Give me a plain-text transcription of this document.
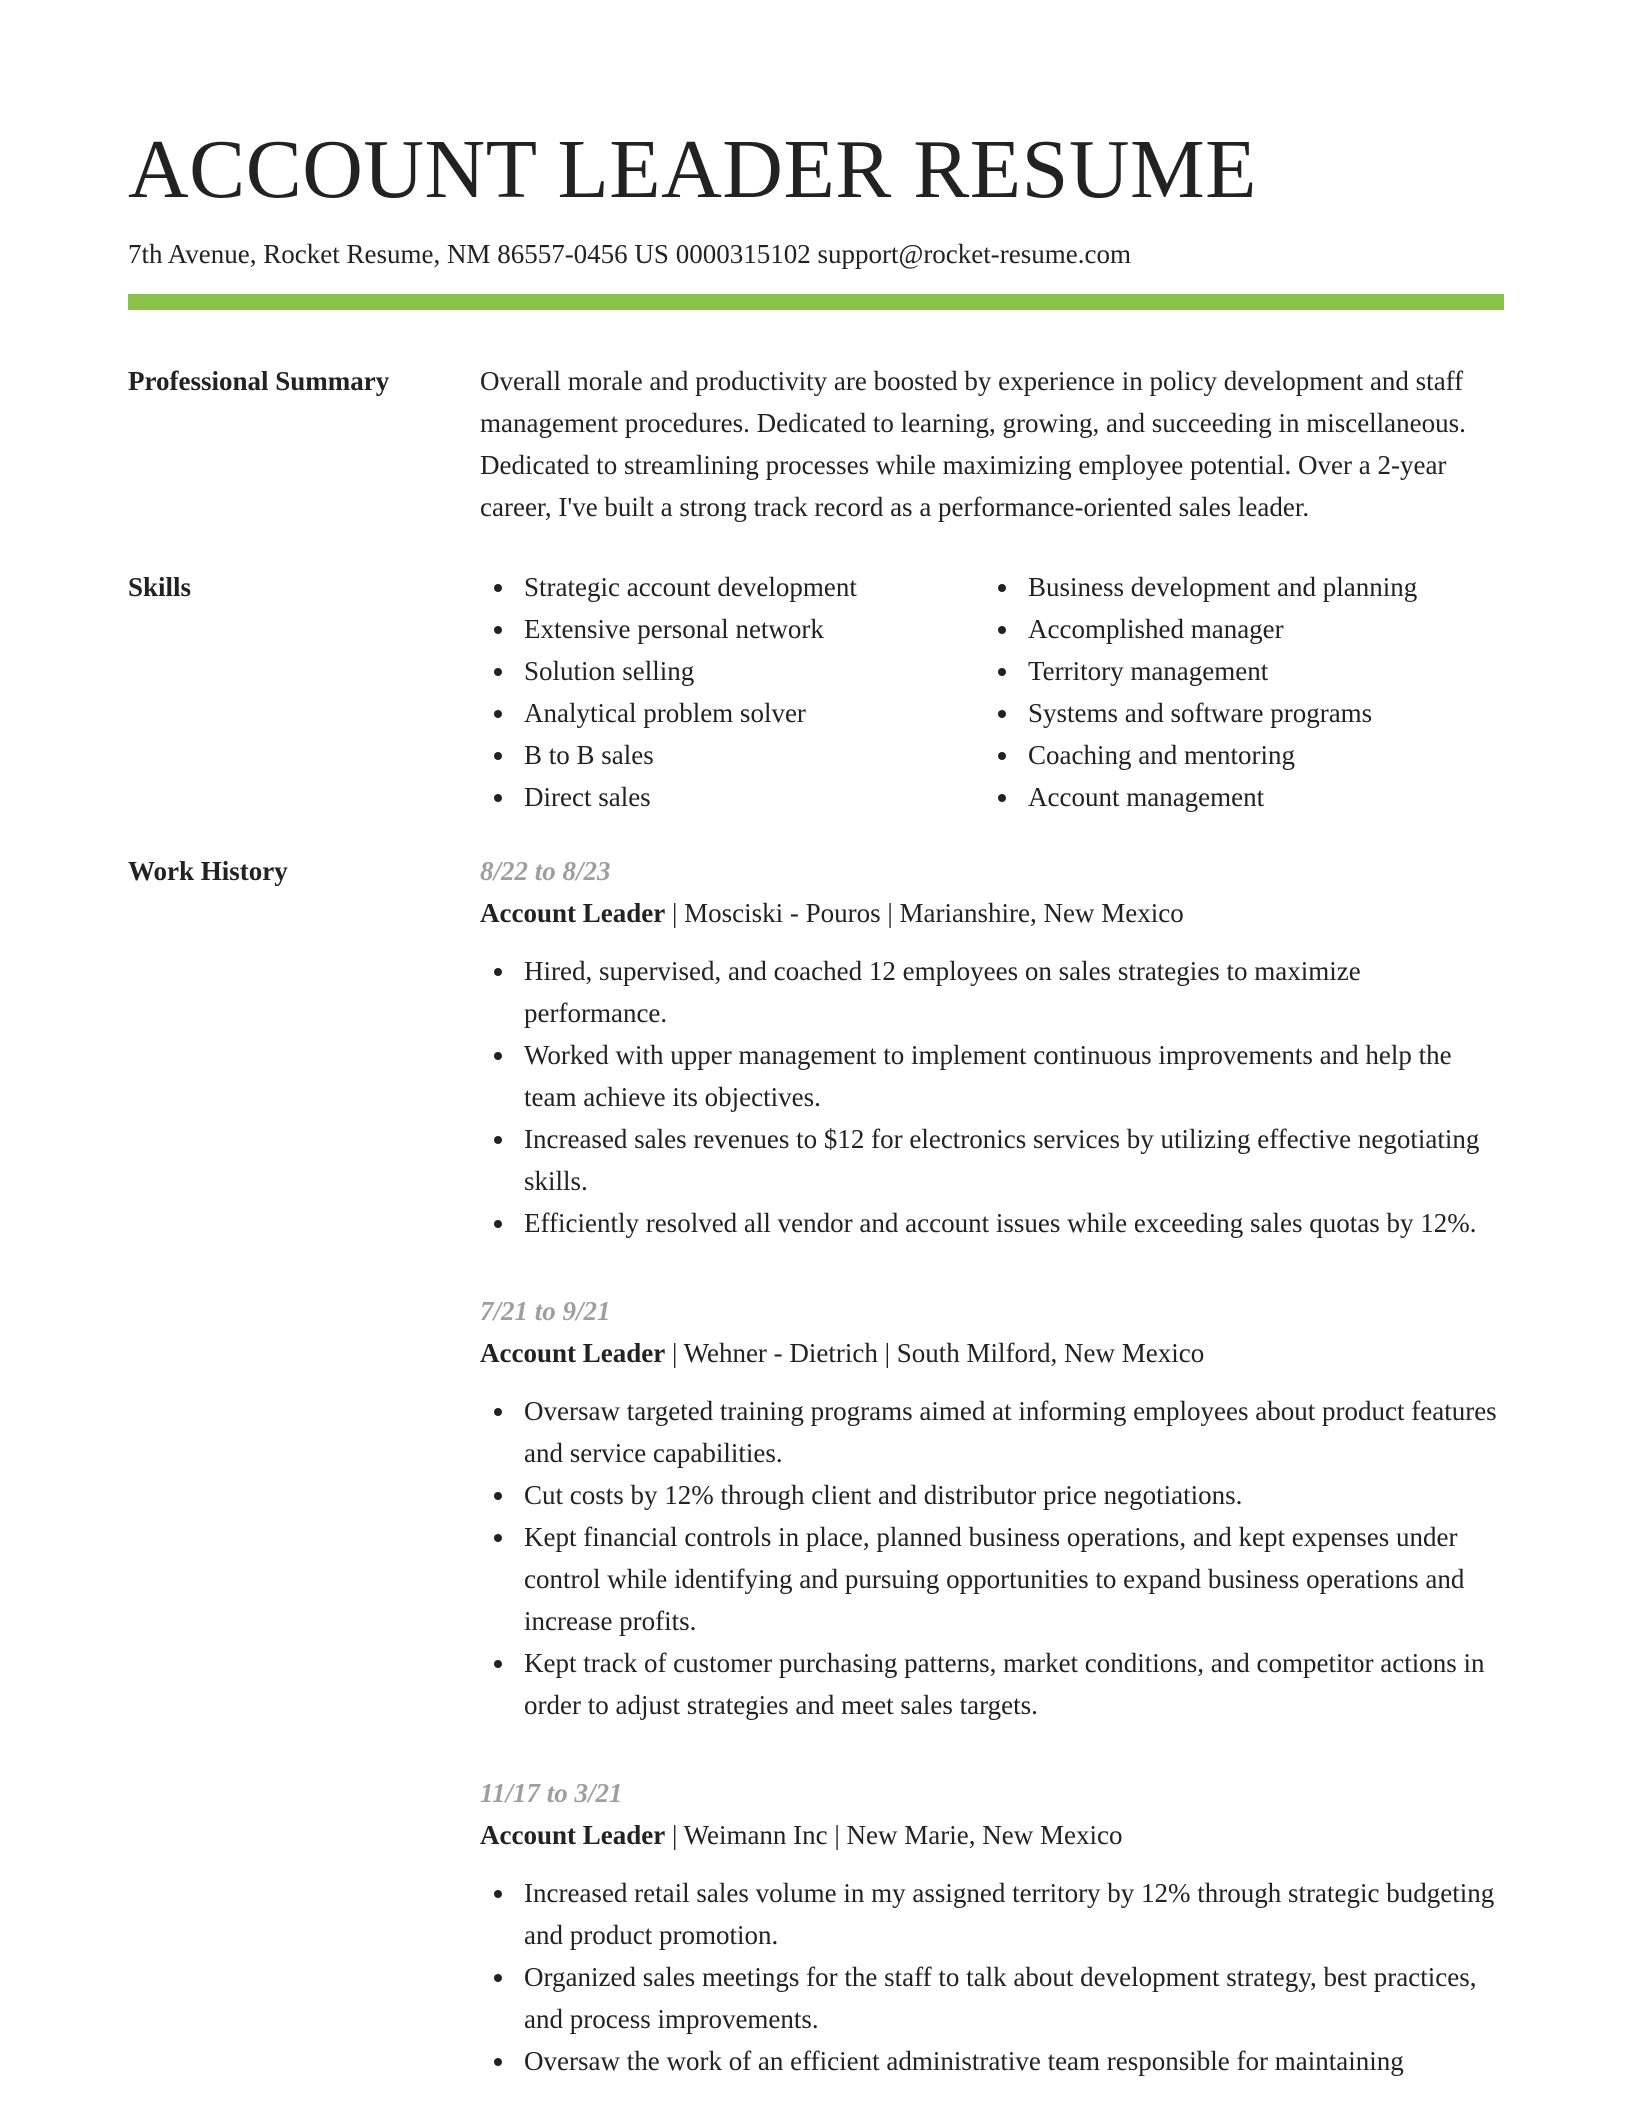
ACCOUNT LEADER RESUME
7th Avenue, Rocket Resume, NM 86557-0456 US 0000315102 support@rocket-resume.com
Professional Summary	Overall morale and productivity are boosted by experience in policy development and staff management procedures. Dedicated to learning, growing, and succeeding in miscellaneous. Dedicated to streamlining processes while maximizing employee potential. Over a 2-year career, I've built a strong track record as a performance-oriented sales leader.

Skills	Strategic account development
Extensive personal network
Solution selling
Analytical problem solver
B to B sales
Direct sales
Business development and planning
Accomplished manager
Territory management
Systems and software programs
Coaching and mentoring
Account management
Work History	8/22 to 8/23
Account Leader | Mosciski - Pouros | Marianshire, New Mexico
Hired, supervised, and coached 12 employees on sales strategies to maximize performance.
Worked with upper management to implement continuous improvements and help the team achieve its objectives.
Increased sales revenues to $12 for electronics services by utilizing effective negotiating skills.
Efficiently resolved all vendor and account issues while exceeding sales quotas by 12%.
7/21 to 9/21
Account Leader | Wehner - Dietrich | South Milford, New Mexico
Oversaw targeted training programs aimed at informing employees about product features and service capabilities.
Cut costs by 12% through client and distributor price negotiations.
Kept financial controls in place, planned business operations, and kept expenses under control while identifying and pursuing opportunities to expand business operations and increase profits.
Kept track of customer purchasing patterns, market conditions, and competitor actions in order to adjust strategies and meet sales targets.
11/17 to 3/21
Account Leader | Weimann Inc | New Marie, New Mexico
Increased retail sales volume in my assigned territory by 12% through strategic budgeting and product promotion.
Organized sales meetings for the staff to talk about development strategy, best practices, and process improvements.
Oversaw the work of an efficient administrative team responsible for maintaining
